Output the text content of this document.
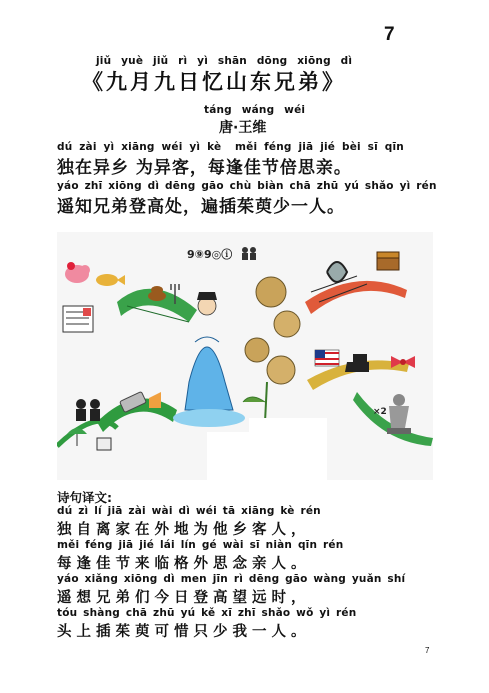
7
jiǔ yuè jiǔ rì yì shān dōng xiōng dì
《九月九日忆山东兄弟》
táng wáng wéi
唐·王维
dú zài yì xiāng wéi yì kè  měi féng jiā jié bèi sī qīn
独在异乡 为异客，每逢佳节倍思亲。
yáo zhī xiōng dì dēng gāo chù biàn chā zhū yú shǎo yì rén
遥知兄弟登高处，遍插茱萸少一人。
9⑨9◎ⓘ
×2
诗句译文:
dú zì lí jiā zài wài dì wéi tā xiāng kè rén
独自离家在外地为他乡客人，
měi féng jiā jié lái lín gé wài sī niàn qīn rén
每逢佳节来临格外思念亲人。
yáo xiǎng xiōng dì men jīn rì dēng gāo wàng yuǎn shí
遥想兄弟们今日登高望远时，
tóu shàng chā zhū yú kě xī zhī shǎo wǒ yì rén
头上插茱萸可惜只少我一人。
7
